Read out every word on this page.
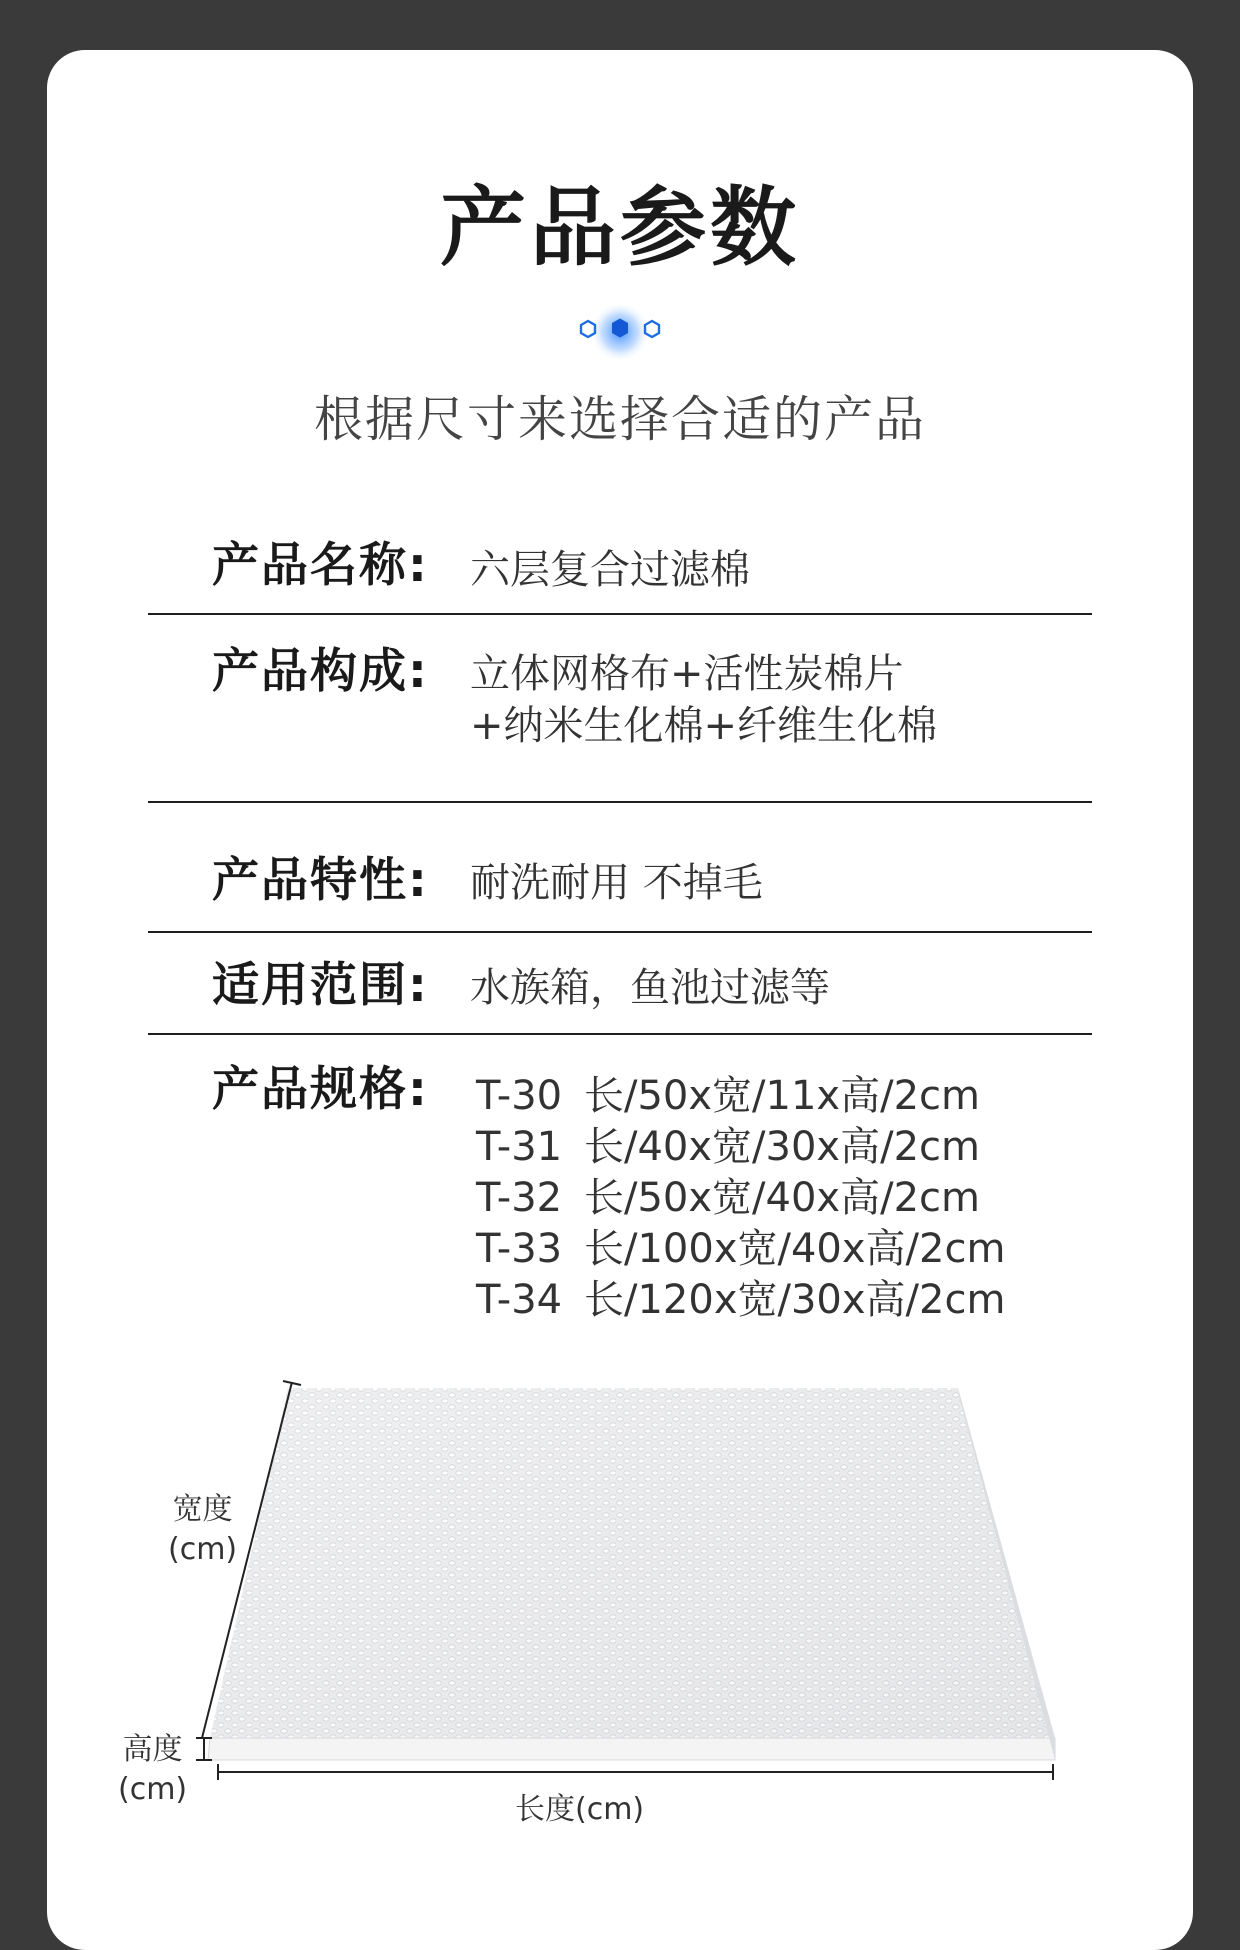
产品参数
根据尺寸来选择合适的产品
产品名称: 六层复合过滤棉
产品构成: 立体网格布+活性炭棉片
+纳米生化棉+纤维生化棉
产品特性: 耐洗耐用 不掉毛
适用范围: 水族箱，鱼池过滤等
产品规格: T-30 长/50x宽/11x高/2cm
T-31 长/40x宽/30x高/2cm
T-32 长/50x宽/40x高/2cm
T-33 长/100x宽/40x高/2cm
T-34 长/120x宽/30x高/2cm
宽度
(cm)
高度
(cm)
长度(cm)
